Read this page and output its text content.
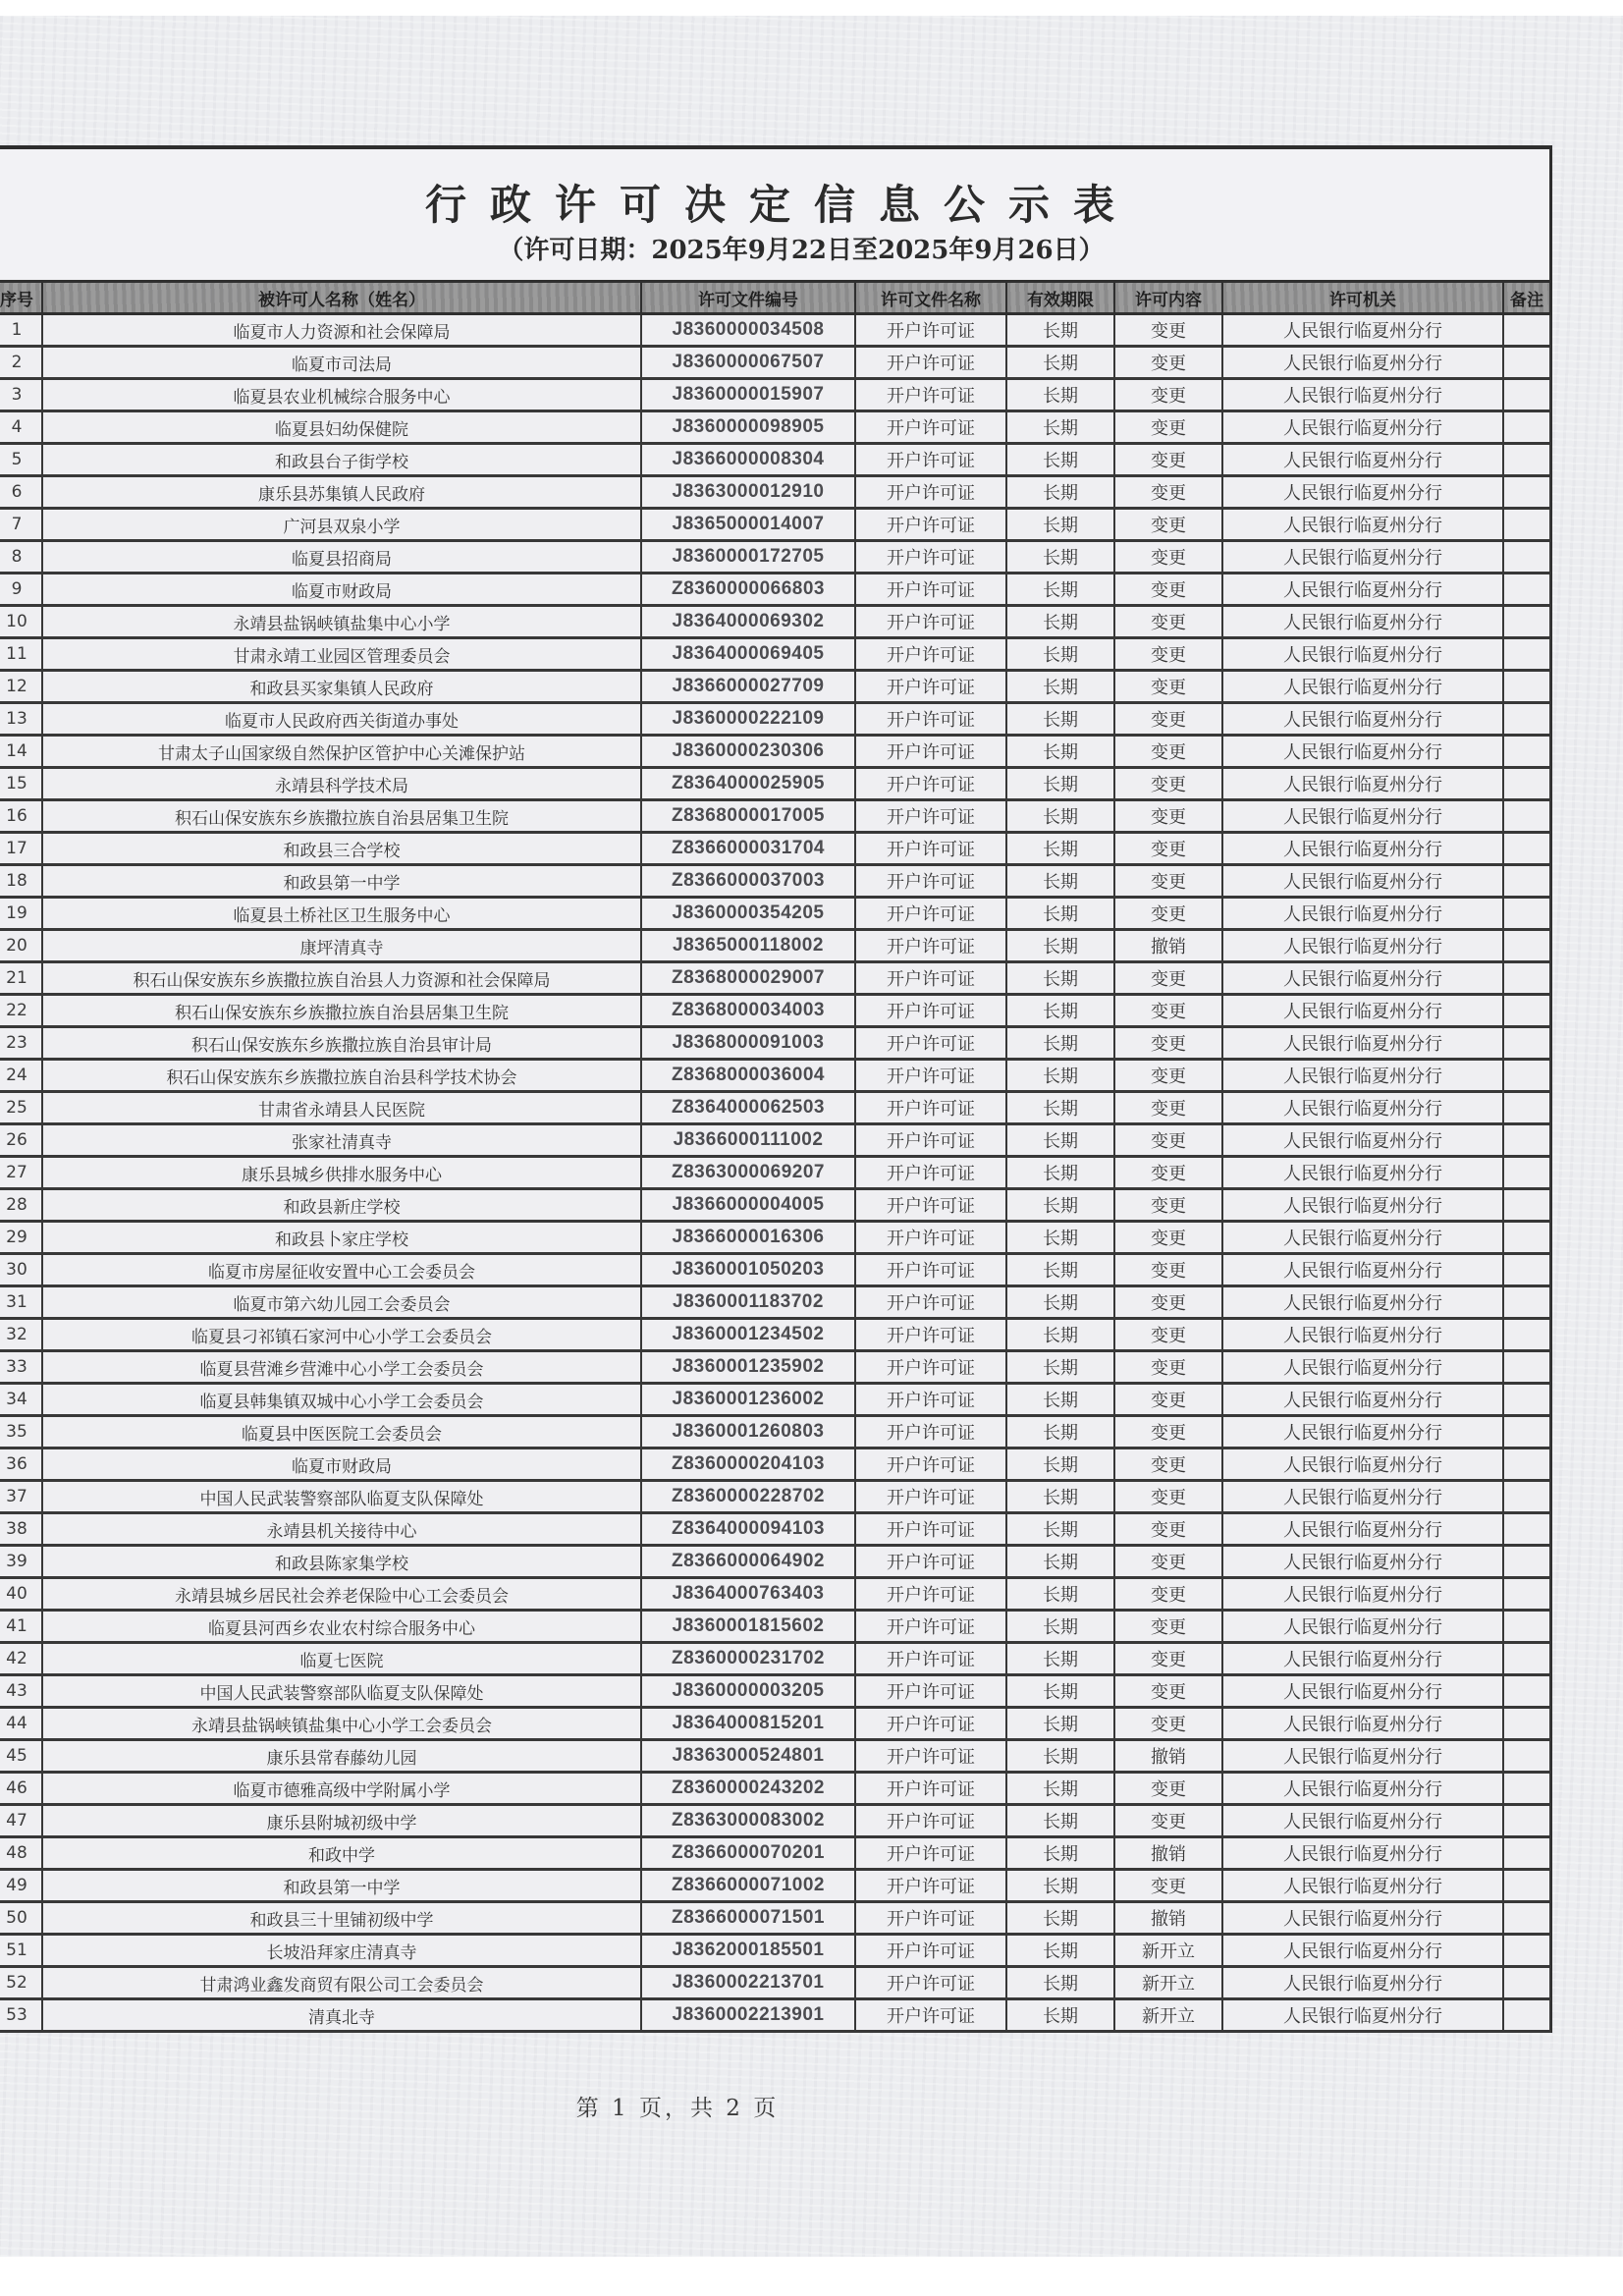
行政许可决定信息公示表
（许可日期：2025年9月22日至2025年9月26日）
序号	被许可人名称（姓名）	许可文件编号	许可文件名称	有效期限	许可内容	许可机关	备注
1	临夏市人力资源和社会保障局	J8360000034508	开户许可证	长期	变更	人民银行临夏州分行	
2	临夏市司法局	J8360000067507	开户许可证	长期	变更	人民银行临夏州分行	
3	临夏县农业机械综合服务中心	J8360000015907	开户许可证	长期	变更	人民银行临夏州分行	
4	临夏县妇幼保健院	J8360000098905	开户许可证	长期	变更	人民银行临夏州分行	
5	和政县台子街学校	J8366000008304	开户许可证	长期	变更	人民银行临夏州分行	
6	康乐县苏集镇人民政府	J8363000012910	开户许可证	长期	变更	人民银行临夏州分行	
7	广河县双泉小学	J8365000014007	开户许可证	长期	变更	人民银行临夏州分行	
8	临夏县招商局	J8360000172705	开户许可证	长期	变更	人民银行临夏州分行	
9	临夏市财政局	Z8360000066803	开户许可证	长期	变更	人民银行临夏州分行	
10	永靖县盐锅峡镇盐集中心小学	J8364000069302	开户许可证	长期	变更	人民银行临夏州分行	
11	甘肃永靖工业园区管理委员会	J8364000069405	开户许可证	长期	变更	人民银行临夏州分行	
12	和政县买家集镇人民政府	J8366000027709	开户许可证	长期	变更	人民银行临夏州分行	
13	临夏市人民政府西关街道办事处	J8360000222109	开户许可证	长期	变更	人民银行临夏州分行	
14	甘肃太子山国家级自然保护区管护中心关滩保护站	J8360000230306	开户许可证	长期	变更	人民银行临夏州分行	
15	永靖县科学技术局	Z8364000025905	开户许可证	长期	变更	人民银行临夏州分行	
16	积石山保安族东乡族撒拉族自治县居集卫生院	Z8368000017005	开户许可证	长期	变更	人民银行临夏州分行	
17	和政县三合学校	Z8366000031704	开户许可证	长期	变更	人民银行临夏州分行	
18	和政县第一中学	Z8366000037003	开户许可证	长期	变更	人民银行临夏州分行	
19	临夏县土桥社区卫生服务中心	J8360000354205	开户许可证	长期	变更	人民银行临夏州分行	
20	康坪清真寺	J8365000118002	开户许可证	长期	撤销	人民银行临夏州分行	
21	积石山保安族东乡族撒拉族自治县人力资源和社会保障局	Z8368000029007	开户许可证	长期	变更	人民银行临夏州分行	
22	积石山保安族东乡族撒拉族自治县居集卫生院	Z8368000034003	开户许可证	长期	变更	人民银行临夏州分行	
23	积石山保安族东乡族撒拉族自治县审计局	J8368000091003	开户许可证	长期	变更	人民银行临夏州分行	
24	积石山保安族东乡族撒拉族自治县科学技术协会	Z8368000036004	开户许可证	长期	变更	人民银行临夏州分行	
25	甘肃省永靖县人民医院	Z8364000062503	开户许可证	长期	变更	人民银行临夏州分行	
26	张家社清真寺	J8366000111002	开户许可证	长期	变更	人民银行临夏州分行	
27	康乐县城乡供排水服务中心	Z8363000069207	开户许可证	长期	变更	人民银行临夏州分行	
28	和政县新庄学校	J8366000004005	开户许可证	长期	变更	人民银行临夏州分行	
29	和政县卜家庄学校	J8366000016306	开户许可证	长期	变更	人民银行临夏州分行	
30	临夏市房屋征收安置中心工会委员会	J8360001050203	开户许可证	长期	变更	人民银行临夏州分行	
31	临夏市第六幼儿园工会委员会	J8360001183702	开户许可证	长期	变更	人民银行临夏州分行	
32	临夏县刁祁镇石家河中心小学工会委员会	J8360001234502	开户许可证	长期	变更	人民银行临夏州分行	
33	临夏县营滩乡营滩中心小学工会委员会	J8360001235902	开户许可证	长期	变更	人民银行临夏州分行	
34	临夏县韩集镇双城中心小学工会委员会	J8360001236002	开户许可证	长期	变更	人民银行临夏州分行	
35	临夏县中医医院工会委员会	J8360001260803	开户许可证	长期	变更	人民银行临夏州分行	
36	临夏市财政局	Z8360000204103	开户许可证	长期	变更	人民银行临夏州分行	
37	中国人民武装警察部队临夏支队保障处	Z8360000228702	开户许可证	长期	变更	人民银行临夏州分行	
38	永靖县机关接待中心	Z8364000094103	开户许可证	长期	变更	人民银行临夏州分行	
39	和政县陈家集学校	Z8366000064902	开户许可证	长期	变更	人民银行临夏州分行	
40	永靖县城乡居民社会养老保险中心工会委员会	J8364000763403	开户许可证	长期	变更	人民银行临夏州分行	
41	临夏县河西乡农业农村综合服务中心	J8360001815602	开户许可证	长期	变更	人民银行临夏州分行	
42	临夏七医院	Z8360000231702	开户许可证	长期	变更	人民银行临夏州分行	
43	中国人民武装警察部队临夏支队保障处	J8360000003205	开户许可证	长期	变更	人民银行临夏州分行	
44	永靖县盐锅峡镇盐集中心小学工会委员会	J8364000815201	开户许可证	长期	变更	人民银行临夏州分行	
45	康乐县常春藤幼儿园	J8363000524801	开户许可证	长期	撤销	人民银行临夏州分行	
46	临夏市德雅高级中学附属小学	Z8360000243202	开户许可证	长期	变更	人民银行临夏州分行	
47	康乐县附城初级中学	Z8363000083002	开户许可证	长期	变更	人民银行临夏州分行	
48	和政中学	Z8366000070201	开户许可证	长期	撤销	人民银行临夏州分行	
49	和政县第一中学	Z8366000071002	开户许可证	长期	变更	人民银行临夏州分行	
50	和政县三十里铺初级中学	Z8366000071501	开户许可证	长期	撤销	人民银行临夏州分行	
51	长坡沿拜家庄清真寺	J8362000185501	开户许可证	长期	新开立	人民银行临夏州分行	
52	甘肃鸿业鑫发商贸有限公司工会委员会	J8360002213701	开户许可证	长期	新开立	人民银行临夏州分行	
53	清真北寺	J8360002213901	开户许可证	长期	新开立	人民银行临夏州分行	
第 1 页，共 2 页
